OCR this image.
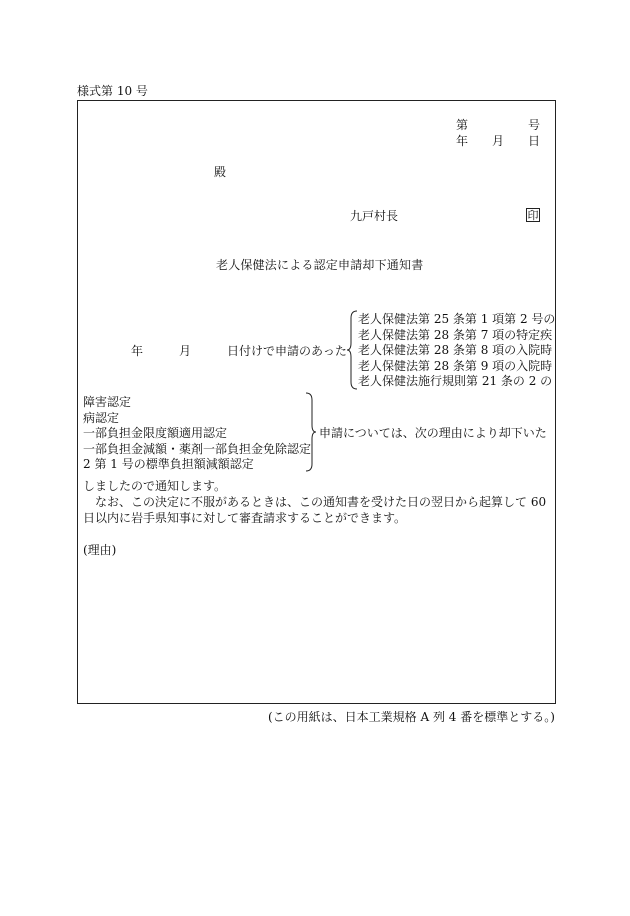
様式第 10 号
第	号
年 月 日
殿
九戸村長	印
老人保健法による認定申請却下通知書
年	月	日付けで申請のあった
老人保健法第 25 条第 1 項第 2 号の
老人保健法第 28 条第 7 項の特定疾
老人保健法第 28 条第 8 項の入院時
老人保健法第 28 条第 9 項の入院時
老人保健法施行規則第 21 条の 2 の
障害認定
病認定
一部負担金限度額適用認定
一部負担金減額・薬剤一部負担金免除認定
2 第 1 号の標準負担額減額認定
申請については、次の理由により却下いた
しましたので通知します。
なお、この決定に不服があるときは、この通知書を受けた日の翌日から起算して 60
日以内に岩手県知事に対して審査請求することができます。
(理由)
(この用紙は、日本工業規格 A 列 4 番を標準とする。)
